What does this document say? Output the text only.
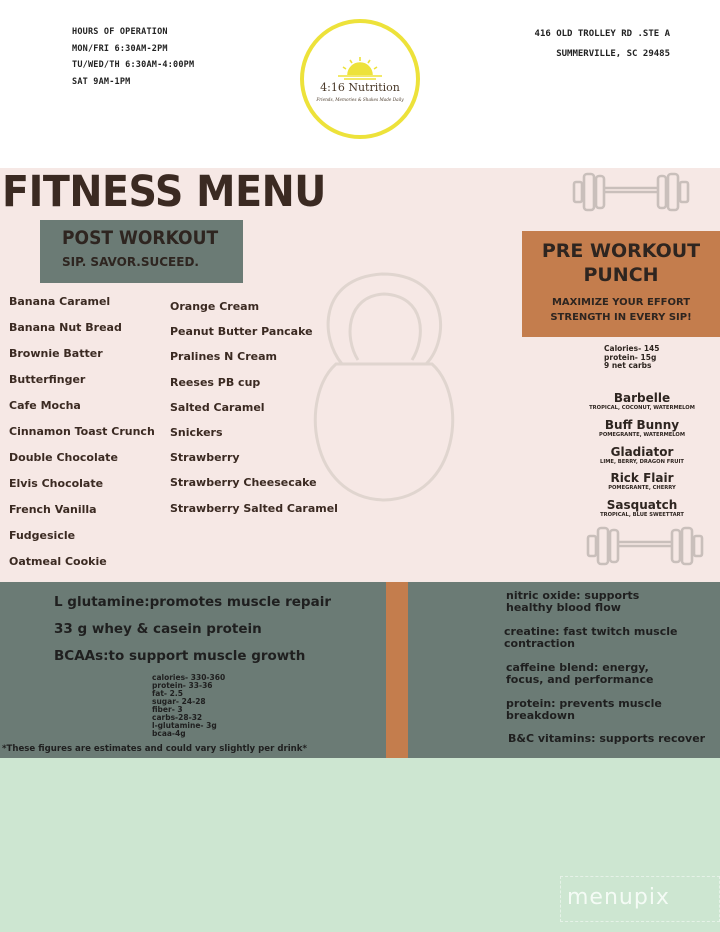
HOURS OF OPERATION
MON/FRI 6:30AM-2PM
TU/WED/TH 6:30AM-4:00PM
SAT 9AM-1PM	4:16 Nutrition
Friends, Memories & Shakes Made Daily
416 OLD TROLLEY RD .STE A
SUMMERVILLE, SC 29485
FITNESS MENU
POST WORKOUT
SIP. SAVOR.SUCEED.
Banana Caramel
Banana Nut Bread
Brownie Batter
Butterfinger
Cafe Mocha
Cinnamon Toast Crunch
Double Chocolate
Elvis Chocolate
French Vanilla
Fudgesicle
Oatmeal Cookie
Orange Cream
Peanut Butter Pancake
Pralines N Cream
Reeses PB cup
Salted Caramel
Snickers
Strawberry
Strawberry Cheesecake
Strawberry Salted Caramel
PRE WORKOUT
PUNCH
MAXIMIZE YOUR EFFORT
STRENGTH IN EVERY SIP!
Calories- 145
protein- 15g
9 net carbs
Barbelle
TROPICAL, COCONUT, WATERMELOM
Buff Bunny
POMEGRANTE, WATERMELOM
Gladiator
LIME, BERRY, DRAGON FRUIT
Rick Flair
POMEGRANTE, CHERRY
Sasquatch
TROPICAL, BLUE SWEETTART
L glutamine:promotes muscle repair
33 g whey & casein protein
BCAAs:to support muscle growth
calories- 330-360
protein- 33-36
fat- 2.5
sugar- 24-28
fiber- 3
carbs-28-32
l-glutamine- 3g
bcaa-4g
*These figures are estimates and could vary slightly per drink*
nitric oxide: supports
healthy blood flow
creatine: fast twitch muscle
contraction
caffeine blend: energy,
focus, and performance
protein: prevents muscle
breakdown
B&C vitamins: supports recover
menupix
